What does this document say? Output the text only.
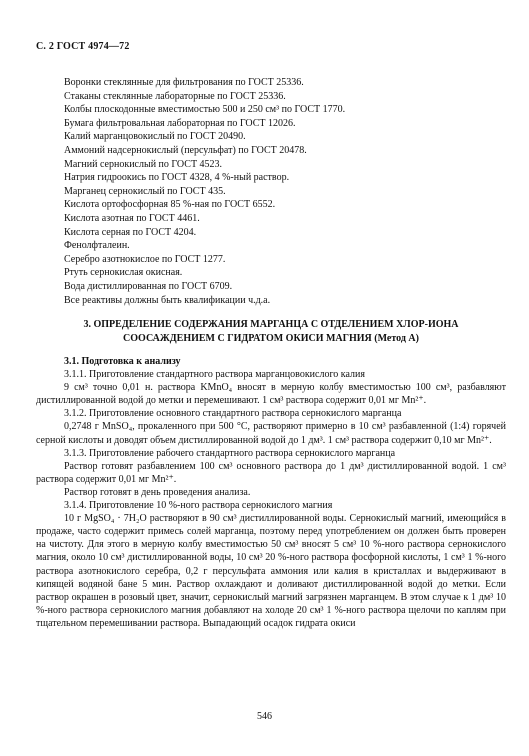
С. 2 ГОСТ 4974—72
Воронки стеклянные для фильтрования по ГОСТ 25336.
Стаканы стеклянные лабораторные по ГОСТ 25336.
Колбы плоскодонные вместимостью 500 и 250 см³ по ГОСТ 1770.
Бумага фильтровальная лабораторная по ГОСТ 12026.
Калий марганцовокислый по ГОСТ 20490.
Аммоний надсернокислый (персульфат) по ГОСТ 20478.
Магний сернокислый по ГОСТ 4523.
Натрия гидроокись по ГОСТ 4328, 4 %-ный раствор.
Марганец сернокислый по ГОСТ 435.
Кислота ортофосфорная 85 %-ная по ГОСТ 6552.
Кислота азотная по ГОСТ 4461.
Кислота серная по ГОСТ 4204.
Фенолфталеин.
Серебро азотнокислое по ГОСТ 1277.
Ртуть сернокислая окисная.
Вода дистиллированная по ГОСТ 6709.
Все реактивы должны быть квалификации ч.д.а.
3. ОПРЕДЕЛЕНИЕ СОДЕРЖАНИЯ МАРГАНЦА С ОТДЕЛЕНИЕМ ХЛОР-ИОНА
СООСАЖДЕНИЕМ С ГИДРАТОМ ОКИСИ МАГНИЯ (Метод А)

3.1. Подготовка к анализу

3.1.1. Приготовление стандартного раствора марганцовокислого калия

9 см³ точно 0,01 н. раствора KMnO₄ вносят в мерную колбу вместимостью 100 см³, разбавляют дистиллированной водой до метки и перемешивают. 1 см³ раствора содержит 0,01 мг Mn²⁺.

3.1.2. Приготовление основного стандартного раствора сернокислого марганца

0,2748 г MnSO₄, прокаленного при 500 °С, растворяют примерно в 10 см³ разбавленной (1:4) горячей серной кислоты и доводят объем дистиллированной водой до 1 дм³. 1 см³ раствора содержит 0,10 мг Mn²⁺.

3.1.3. Приготовление рабочего стандартного раствора сернокислого марганца

Раствор готовят разбавлением 100 см³ основного раствора до 1 дм³ дистиллированной водой. 1 см³ раствора содержит 0,01 мг Mn²⁺.

Раствор готовят в день проведения анализа.

3.1.4. Приготовление 10 %-ного раствора сернокислого магния

10 г MgSO₄ · 7H₂O растворяют в 90 см³ дистиллированной воды. Сернокислый магний, имеющийся в продаже, часто содержит примесь солей марганца, поэтому перед употреблением он должен быть проверен на чистоту. Для этого в мерную колбу вместимостью 50 см³ вносят 5 см³ 10 %-ного раствора сернокислого магния, около 10 см³ дистиллированной воды, 10 см³ 20 %-ного раствора фосфорной кислоты, 1 см³ 1 %-ного раствора азотнокислого серебра, 0,2 г персульфата аммония или калия в кристаллах и выдерживают в кипящей водяной бане 5 мин. Раствор охлаждают и доливают дистиллированной водой до метки. Если раствор окрашен в розовый цвет, значит, сернокислый магний загрязнен марганцем. В этом случае к 1 дм³ 10 %-ного раствора сернокислого магния добавляют на холоде 20 см³ 1 %-ного раствора щелочи по каплям при тщательном перемешивании раствора. Выпадающий осадок гидрата окиси

546
